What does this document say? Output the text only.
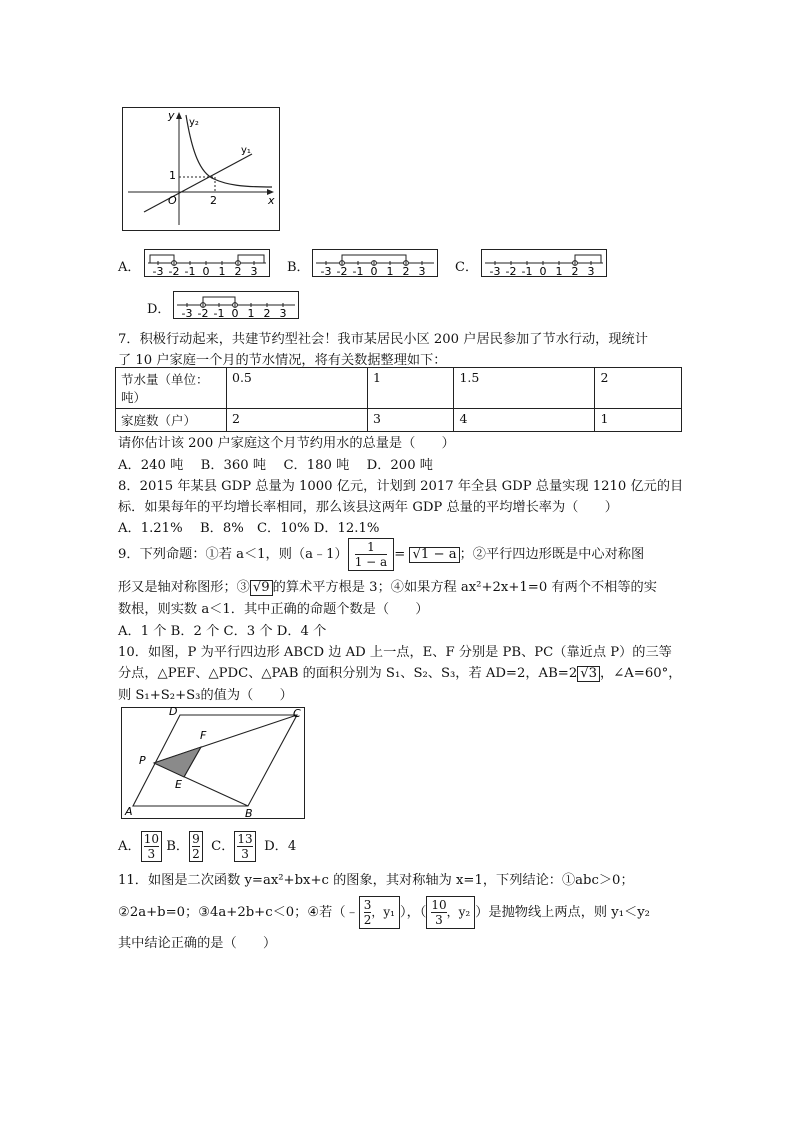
y
y₂
y₁
1
O	2	x
A． -3 -2 -1 0 1 2 3 B． -3 -2 -1 0 1 2 3 C． -3 -2 -1 0 1 2 3
D． -3 -2 -1 0 1 2 3
7．积极行动起来，共建节约型社会！我市某居民小区 200 户居民参加了节水行动，现统计
了 10 户家庭一个月的节水情况，将有关数据整理如下：
节水量（单位：吨）	0.5	1	1.5	2
家庭数（户）	2	3	4	1
请你估计该 200 户家庭这个月节约用水的总量是（　　）
A．240 吨　 B．360 吨　 C．180 吨　 D．200 吨
8．2015 年某县 GDP 总量为 1000 亿元，计划到 2017 年全县 GDP 总量实现 1210 亿元的目
标．如果每年的平均增长率相同，那么该县这两年 GDP 总量的平均增长率为（　　）
A．1.21%　 B．8%　C．10% D．12.1%
9．下列命题：①若 a＜1，则（a﹣1） $\frac{1}{1 - a} = √1 - a$ ；②平行四边形既是中心对称图
形又是轴对称图形；③ √9 的算术平方根是 3；④如果方程 ax²+2x+1=0 有两个不相等的实
数根，则实数 a＜1．其中正确的命题个数是（　　）
A．1 个 B．2 个 C．3 个 D．4 个
10．如图，P 为平行四边形 ABCD 边 AD 上一点，E、F 分别是 PB、PC（靠近点 P）的三等
分点，△PEF、△PDC、△PAB 的面积分别为 S₁、S₂、S₃，若 AD=2，AB=2 √3 ，∠A=60°，
则 S₁+S₂+S₃的值为（　　）
D	C
F
P
E
A	B
A． $\frac{10}{3}$ B． $\frac{9}{2}$ C． $\frac{13}{3}$ D．4
11．如图是二次函数 y=ax²+bx+c 的图象，其对称轴为 x=1，下列结论：①abc＞0；
②2a+b=0；③4a+2b+c＜0；④若（﹣ $\frac{3}{2}$ ，y₁ ），（ $\frac{10}{3}$ ，y₂ ）是抛物线上两点，则 y₁＜y₂
其中结论正确的是（　　）
